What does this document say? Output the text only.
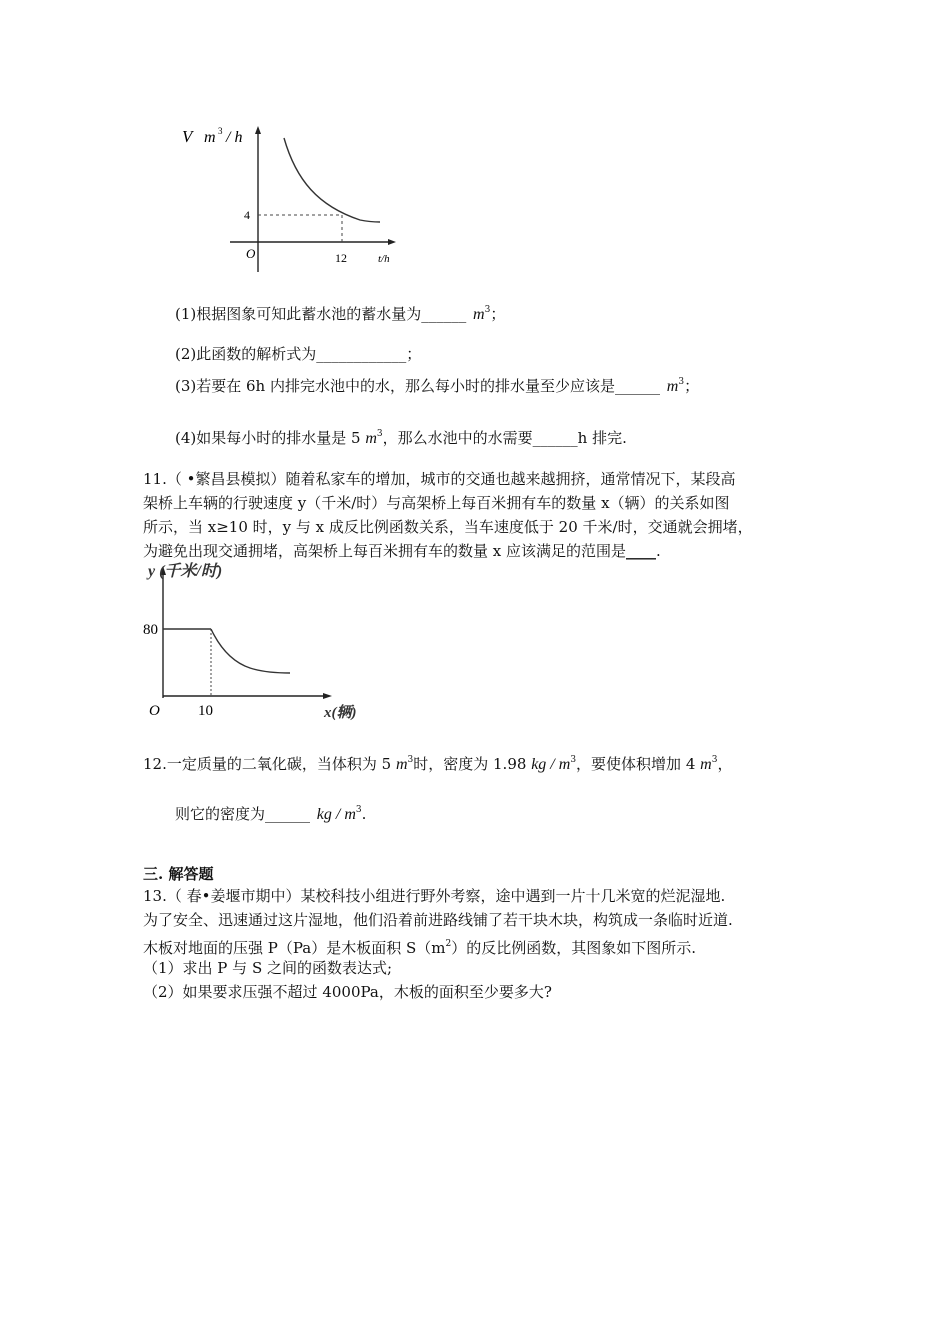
V m 3 / h
4
O	12	t/h
(1)根据图象可知此蓄水池的蓄水量为______ $m^3$；
(2)此函数的解析式为____________；
(3)若要在 6h 内排完水池中的水，那么每小时的排水量至少应该是______ $m^3$；
(4)如果每小时的排水量是 5 $m^3$，那么水池中的水需要______h 排完.
11.（ •繁昌县模拟）随着私家车的增加，城市的交通也越来越拥挤，通常情况下，某段高
架桥上车辆的行驶速度 y（千米/时）与高架桥上每百米拥有车的数量 x（辆）的关系如图
所示，当 x≥10 时，y 与 x 成反比例函数关系，当车速度低于 20 千米/时，交通就会拥堵，
为避免出现交通拥堵，高架桥上每百米拥有车的数量 x 应该满足的范围是____.
y (千米/时)
80
O	10	x(辆)
12.一定质量的二氧化碳，当体积为 5 $m^3$时，密度为 1.98 kg / $m^3$，要使体积增加 4 $m^3$，
则它的密度为______ kg / $m^3$.
三. 解答题
13.（ 春•姜堰市期中）某校科技小组进行野外考察，途中遇到一片十几米宽的烂泥湿地.
为了安全、迅速通过这片湿地，他们沿着前进路线铺了若干块木块，构筑成一条临时近道.
木板对地面的压强 P（Pa）是木板面积 $S(m^2)$的反比例函数，其图象如下图所示.
（1）求出 P 与 S 之间的函数表达式;
（2）如果要求压强不超过 4000Pa，木板的面积至少要多大?
